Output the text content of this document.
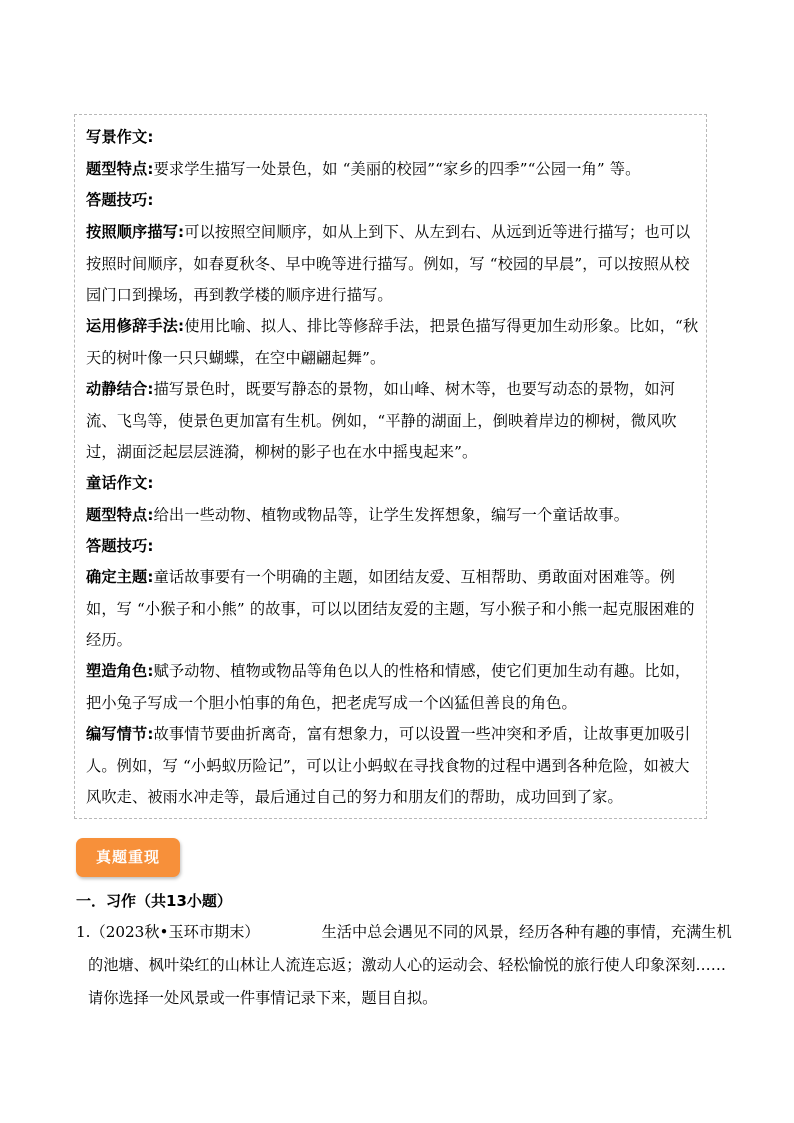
写景作文:

题型特点:要求学生描写一处景色，如 “美丽的校园”“家乡的四季”“公园一角” 等。

答题技巧:

按照顺序描写:可以按照空间顺序，如从上到下、从左到右、从远到近等进行描写；也可以按照时间顺序，如春夏秋冬、早中晚等进行描写。例如，写 “校园的早晨”，可以按照从校园门口到操场，再到教学楼的顺序进行描写。

运用修辞手法:使用比喻、拟人、排比等修辞手法，把景色描写得更加生动形象。比如，“秋天的树叶像一只只蝴蝶，在空中翩翩起舞”。

动静结合:描写景色时，既要写静态的景物，如山峰、树木等，也要写动态的景物，如河流、飞鸟等，使景色更加富有生机。例如，“平静的湖面上，倒映着岸边的柳树，微风吹过，湖面泛起层层涟漪，柳树的影子也在水中摇曳起来”。

童话作文:

题型特点:给出一些动物、植物或物品等，让学生发挥想象，编写一个童话故事。

答题技巧:

确定主题:童话故事要有一个明确的主题，如团结友爱、互相帮助、勇敢面对困难等。例如，写 “小猴子和小熊” 的故事，可以以团结友爱的主题，写小猴子和小熊一起克服困难的经历。

塑造角色:赋予动物、植物或物品等角色以人的性格和情感，使它们更加生动有趣。比如，把小兔子写成一个胆小怕事的角色，把老虎写成一个凶猛但善良的角色。

编写情节:故事情节要曲折离奇，富有想象力，可以设置一些冲突和矛盾，让故事更加吸引人。例如，写 “小蚂蚁历险记”，可以让小蚂蚁在寻找食物的过程中遇到各种危险，如被大风吹走、被雨水冲走等，最后通过自己的努力和朋友们的帮助，成功回到了家。

真题重现
一．习作（共13小题）

1.（2023秋•玉环市期末）	生活中总会遇见不同的风景，经历各种有趣的事情，充满生机的池塘、枫叶染红的山林让人流连忘返；激动人心的运动会、轻松愉悦的旅行使人印象深刻……请你选择一处风景或一件事情记录下来，题目自拟。
